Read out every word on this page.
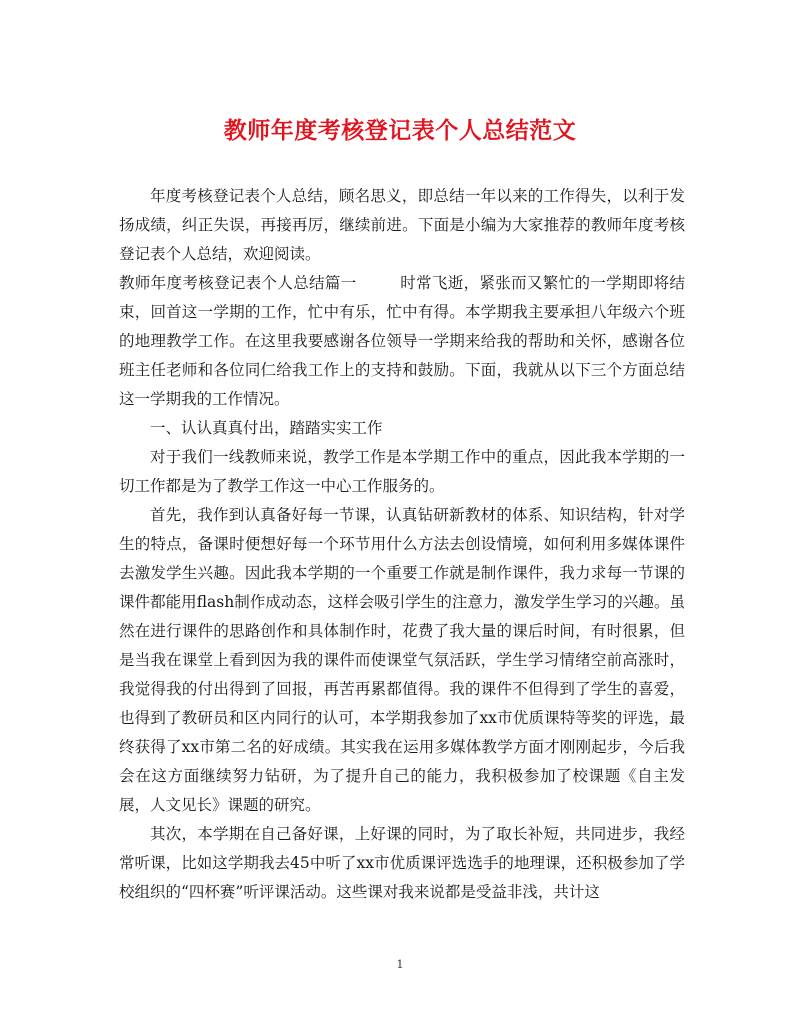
教师年度考核登记表个人总结范文

年度考核登记表个人总结，顾名思义，即总结一年以来的工作得失，以利于发扬成绩，纠正失误，再接再厉，继续前进。下面是小编为大家推荐的教师年度考核登记表个人总结，欢迎阅读。

教师年度考核登记表个人总结篇一	时常飞逝，紧张而又繁忙的一学期即将结束，回首这一学期的工作，忙中有乐，忙中有得。本学期我主要承担八年级六个班的地理教学工作。在这里我要感谢各位领导一学期来给我的帮助和关怀，感谢各位班主任老师和各位同仁给我工作上的支持和鼓励。下面，我就从以下三个方面总结这一学期我的工作情况。

一、认认真真付出，踏踏实实工作

对于我们一线教师来说，教学工作是本学期工作中的重点，因此我本学期的一切工作都是为了教学工作这一中心工作服务的。

首先，我作到认真备好每一节课，认真钻研新教材的体系、知识结构，针对学生的特点，备课时便想好每一个环节用什么方法去创设情境，如何利用多媒体课件去激发学生兴趣。因此我本学期的一个重要工作就是制作课件，我力求每一节课的课件都能用flash制作成动态，这样会吸引学生的注意力，激发学生学习的兴趣。虽然在进行课件的思路创作和具体制作时，花费了我大量的课后时间，有时很累，但是当我在课堂上看到因为我的课件而使课堂气氛活跃，学生学习情绪空前高涨时，我觉得我的付出得到了回报，再苦再累都值得。我的课件不但得到了学生的喜爱，也得到了教研员和区内同行的认可，本学期我参加了xx市优质课特等奖的评选，最终获得了xx市第二名的好成绩。其实我在运用多媒体教学方面才刚刚起步，今后我会在这方面继续努力钻研，为了提升自己的能力，我积极参加了校课题《自主发展，人文见长》课题的研究。

其次，本学期在自己备好课，上好课的同时，为了取长补短，共同进步，我经常听课，比如这学期我去45中听了xx市优质课评选选手的地理课，还积极参加了学校组织的“四杯赛”听评课活动。这些课对我来说都是受益非浅，共计这

1
